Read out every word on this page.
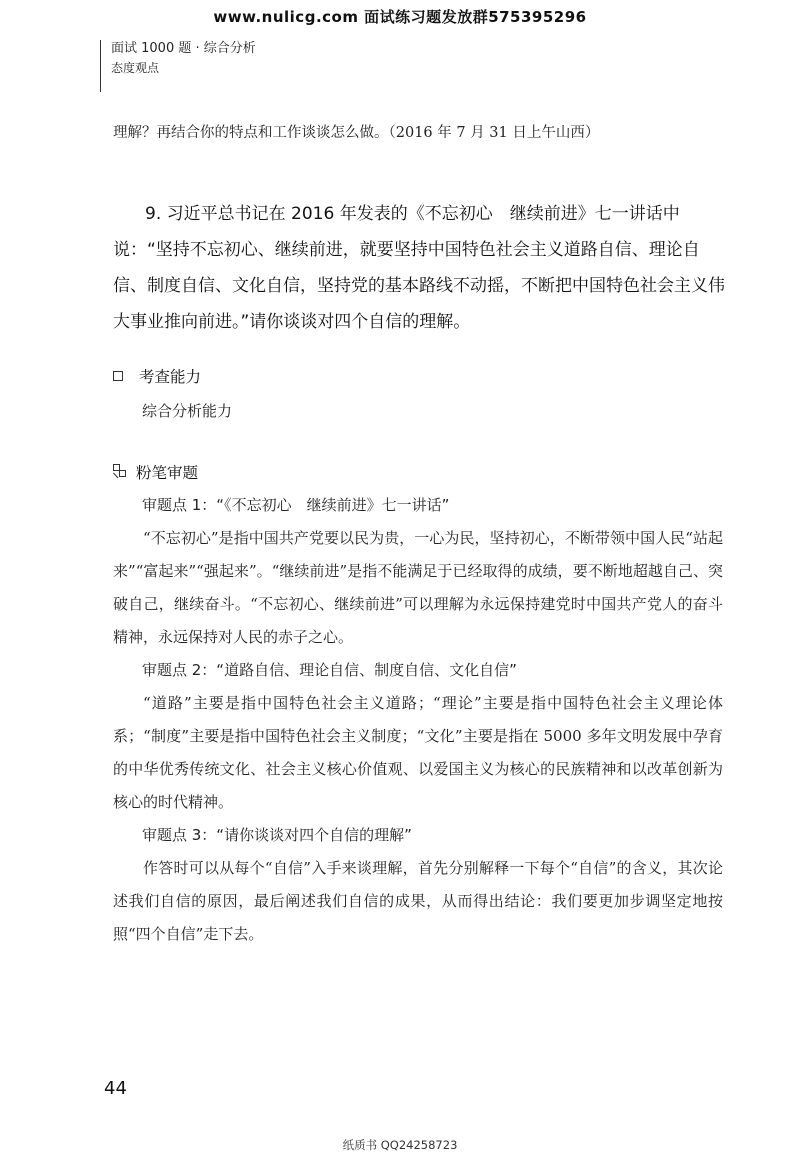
www.nulicg.com 面试练习题发放群575395296
面试 1000 题 · 综合分析
态度观点
理解？再结合你的特点和工作谈谈怎么做。（2016 年 7 月 31 日上午山西）
9. 习近平总书记在 2016 年发表的《不忘初心　继续前进》七一讲话中说：“坚持不忘初心、继续前进，就要坚持中国特色社会主义道路自信、理论自信、制度自信、文化自信，坚持党的基本路线不动摇，不断把中国特色社会主义伟大事业推向前进。”请你谈谈对四个自信的理解。
考查能力
综合分析能力
粉笔审题
审题点 1：“《不忘初心　继续前进》七一讲话”
“不忘初心”是指中国共产党要以民为贵，一心为民，坚持初心，不断带领中国人民“站起来”“富起来”“强起来”。“继续前进”是指不能满足于已经取得的成绩，要不断地超越自己、突破自己，继续奋斗。“不忘初心、继续前进”可以理解为永远保持建党时中国共产党人的奋斗精神，永远保持对人民的赤子之心。
审题点 2：“道路自信、理论自信、制度自信、文化自信”
“道路”主要是指中国特色社会主义道路；“理论”主要是指中国特色社会主义理论体系；“制度”主要是指中国特色社会主义制度；“文化”主要是指在 5000 多年文明发展中孕育的中华优秀传统文化、社会主义核心价值观、以爱国主义为核心的民族精神和以改革创新为核心的时代精神。
审题点 3：“请你谈谈对四个自信的理解”
作答时可以从每个“自信”入手来谈理解，首先分别解释一下每个“自信”的含义，其次论述我们自信的原因，最后阐述我们自信的成果，从而得出结论：我们要更加步调坚定地按照“四个自信”走下去。
44
纸质书 QQ24258723
